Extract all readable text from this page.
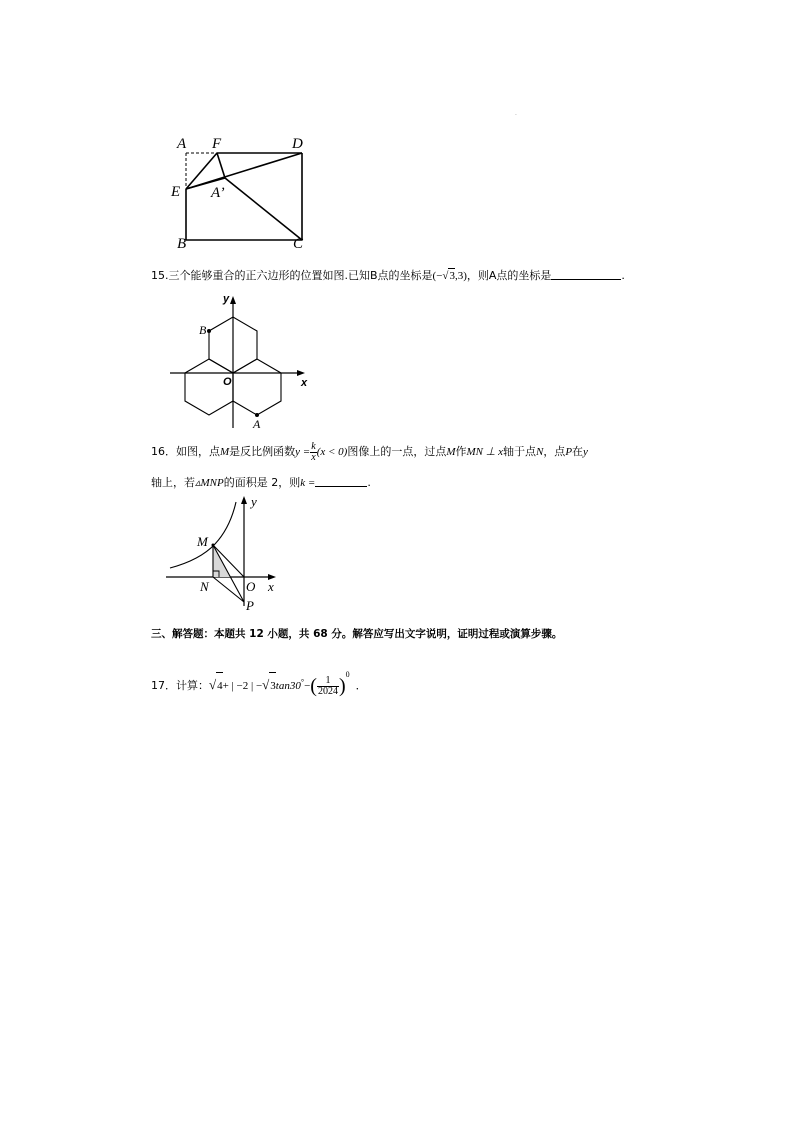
·
A F	D
E A’
B	C
15.三个能够重合的正六边形的位置如图.已知B点的坐标是(−√3,3)，则A点的坐标是	.
y
x
O
B
A
16．如图，点M是反比例函数$y = \frac{k}{x} (x < 0)$图像上的一点，过点M作MN ⊥ x轴于点N，点P在y
轴上，若▵MNP的面积是 2，则k =	.
y
M
N	O x
P
三、解答题：本题共 12 小题，共 68 分。解答应写出文字说明，证明过程或演算步骤。
17．计算：√4+ | −2 | $-√3\tan 30^\circ-( \frac{1}{2024} )^0$．
